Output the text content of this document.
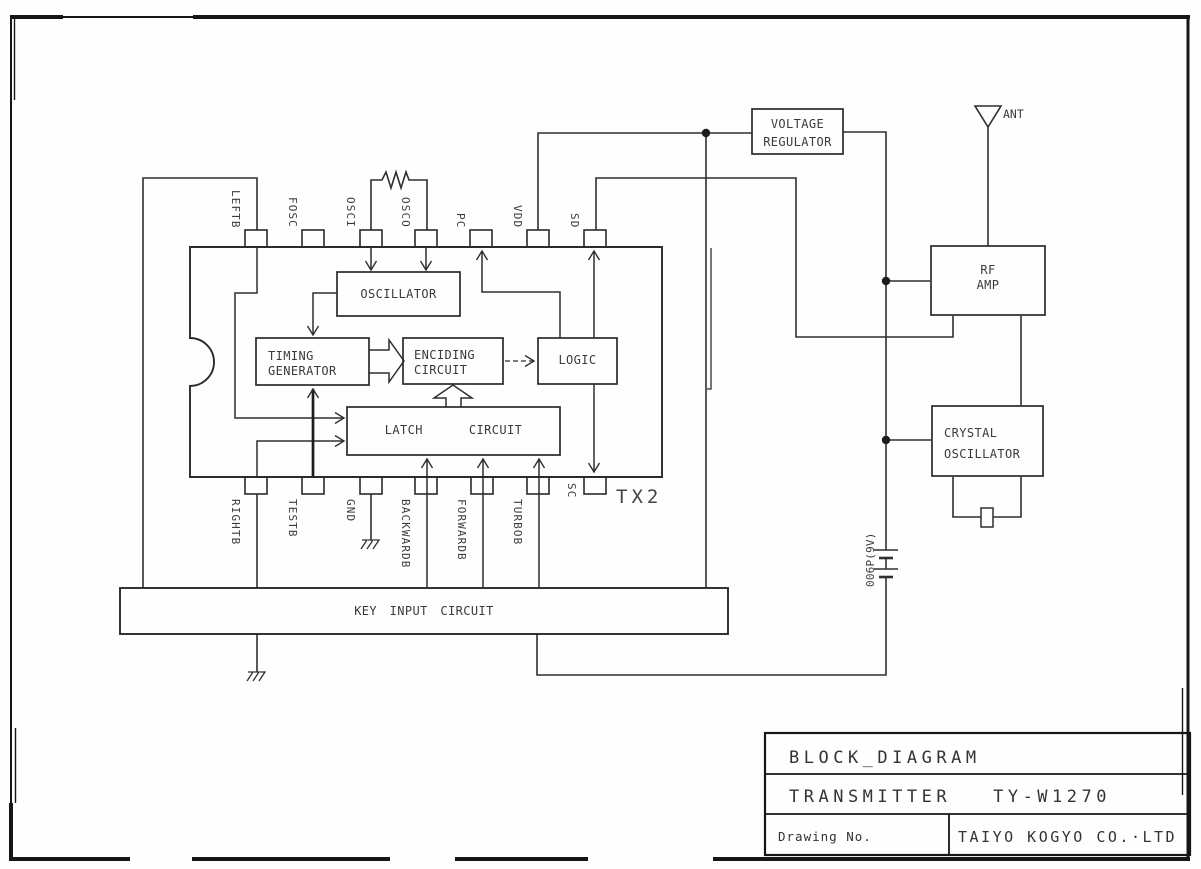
LEFTB	FOSC	OSCI	OSCO	PC	VDD	SD
RIGHTB	TESTB	GND	BACKWARDB	FORWARDB	TURBOB
SC
OSCILLATOR
TIMING
GENERATOR
ENCIDING
CIRCUIT
LOGIC
LATCH	CIRCUIT
KEY INPUT CIRCUIT
VOLTAGE
REGULATOR
RF
AMP
CRYSTAL
OSCILLATOR
ANT
TX2
006P(9V)
BLOCK_DIAGRAM
TRANSMITTER TY-W1270
Drawing No.	TAIYO KOGYO CO.·LTD
